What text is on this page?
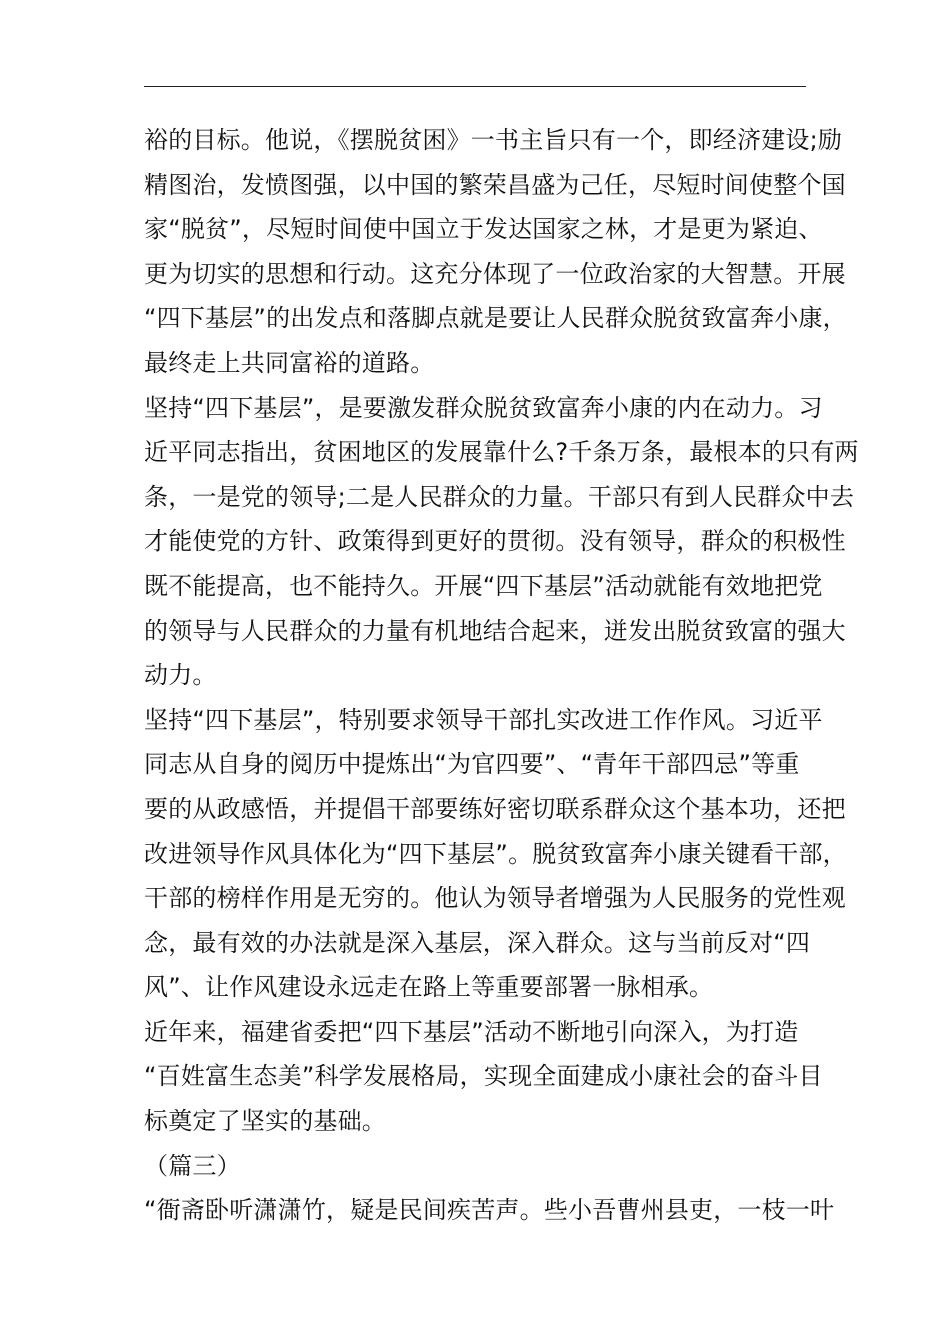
裕的目标。他说，《摆脱贫困》一书主旨只有一个，即经济建设;励
精图治，发愤图强，以中国的繁荣昌盛为己任，尽短时间使整个国
家“脱贫”，尽短时间使中国立于发达国家之林，才是更为紧迫、
更为切实的思想和行动。这充分体现了一位政治家的大智慧。开展
“四下基层”的出发点和落脚点就是要让人民群众脱贫致富奔小康，
最终走上共同富裕的道路。
坚持“四下基层”，是要激发群众脱贫致富奔小康的内在动力。习
近平同志指出，贫困地区的发展靠什么?千条万条，最根本的只有两
条，一是党的领导;二是人民群众的力量。干部只有到人民群众中去
才能使党的方针、政策得到更好的贯彻。没有领导，群众的积极性
既不能提高，也不能持久。开展“四下基层”活动就能有效地把党
的领导与人民群众的力量有机地结合起来，迸发出脱贫致富的强大
动力。
坚持“四下基层”，特别要求领导干部扎实改进工作作风。习近平
同志从自身的阅历中提炼出“为官四要”、“青年干部四忌”等重
要的从政感悟，并提倡干部要练好密切联系群众这个基本功，还把
改进领导作风具体化为“四下基层”。脱贫致富奔小康关键看干部，
干部的榜样作用是无穷的。他认为领导者增强为人民服务的党性观
念，最有效的办法就是深入基层，深入群众。这与当前反对“四
风”、让作风建设永远走在路上等重要部署一脉相承。
近年来，福建省委把“四下基层”活动不断地引向深入，为打造
“百姓富生态美”科学发展格局，实现全面建成小康社会的奋斗目
标奠定了坚实的基础。
（篇三）
“衙斋卧听潇潇竹，疑是民间疾苦声。些小吾曹州县吏，一枝一叶
